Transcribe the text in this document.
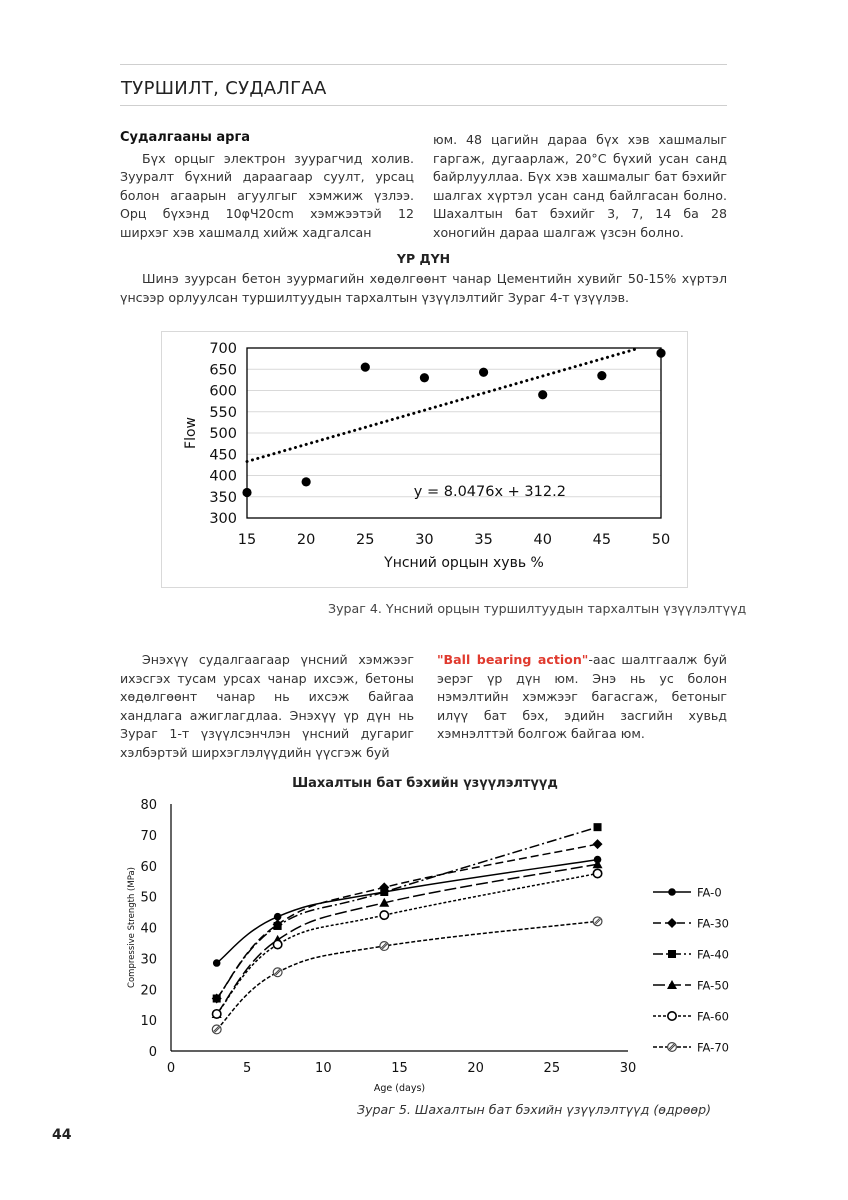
ТУРШИЛТ, СУДАЛГАА
Судалгааны арга

Бүх орцыг электрон зуурагчид холив. Зууралт бүхний дараагаар суулт, урсац болон агаарын агуулгыг хэмжиж үзлээ. Орц бүхэнд 10φЧ20cm хэмжээтэй 12 ширхэг хэв хашмалд хийж хадгалсан

юм. 48 цагийн дараа бүх хэв хашмалыг гаргаж, дугаарлаж, 20°C бүхий усан санд байрлууллаа. Бүх хэв хашмалыг бат бэхийг шалгах хүртэл усан санд байлгасан болно. Шахалтын бат бэхийг 3, 7, 14 ба 28 хоногийн дараа шалгаж үзсэн болно.

ҮР ДҮН
Шинэ зуурсан бетон зуурмагийн хөдөлгөөнт чанар Цементийн хувийг 50-15% хүртэл үнсээр орлуулсан туршилтуудын тархалтын үзүүлэлтийг Зураг 4-т үзүүлэв.
300
350
400
450
500
550
600
650
700
15	20	25	30	35	40	45	50
Үнсний орцын хувь %
Flow
y = 8.0476x + 312.2
Зураг 4. Үнсний орцын туршилтуудын тархалтын үзүүлэлтүүд

Энэхүү судалгаагаар үнсний хэмжээг ихэсгэх тусам урсах чанар ихсэж, бетоны хөдөлгөөнт чанар нь ихсэж байгаа хандлага ажиглагдлаа. Энэхүү үр дүн нь Зураг 1-т үзүүлсэнчлэн үнсний дугариг хэлбэртэй ширхэглэлүүдийн үүсгэж буй

"Ball bearing action"-аас шалтгаалж буй эерэг үр дүн юм. Энэ нь ус болон нэмэлтийн хэмжээг багасгаж, бетоныг илүү бат бэх, эдийн засгийн хувьд хэмнэлттэй болгож байгаа юм.

Шахалтын бат бэхийн үзүүлэлтүүд
0
10
20
30
40
50
60
70
80
0	5	10	15	20	25	30
Age (days)
Compressive Strength (MPa)	FA-0
FA-30
FA-40
FA-50
FA-60
FA-70
Зураг 5. Шахалтын бат бэхийн үзүүлэлтүүд (өдрөөр)
44
